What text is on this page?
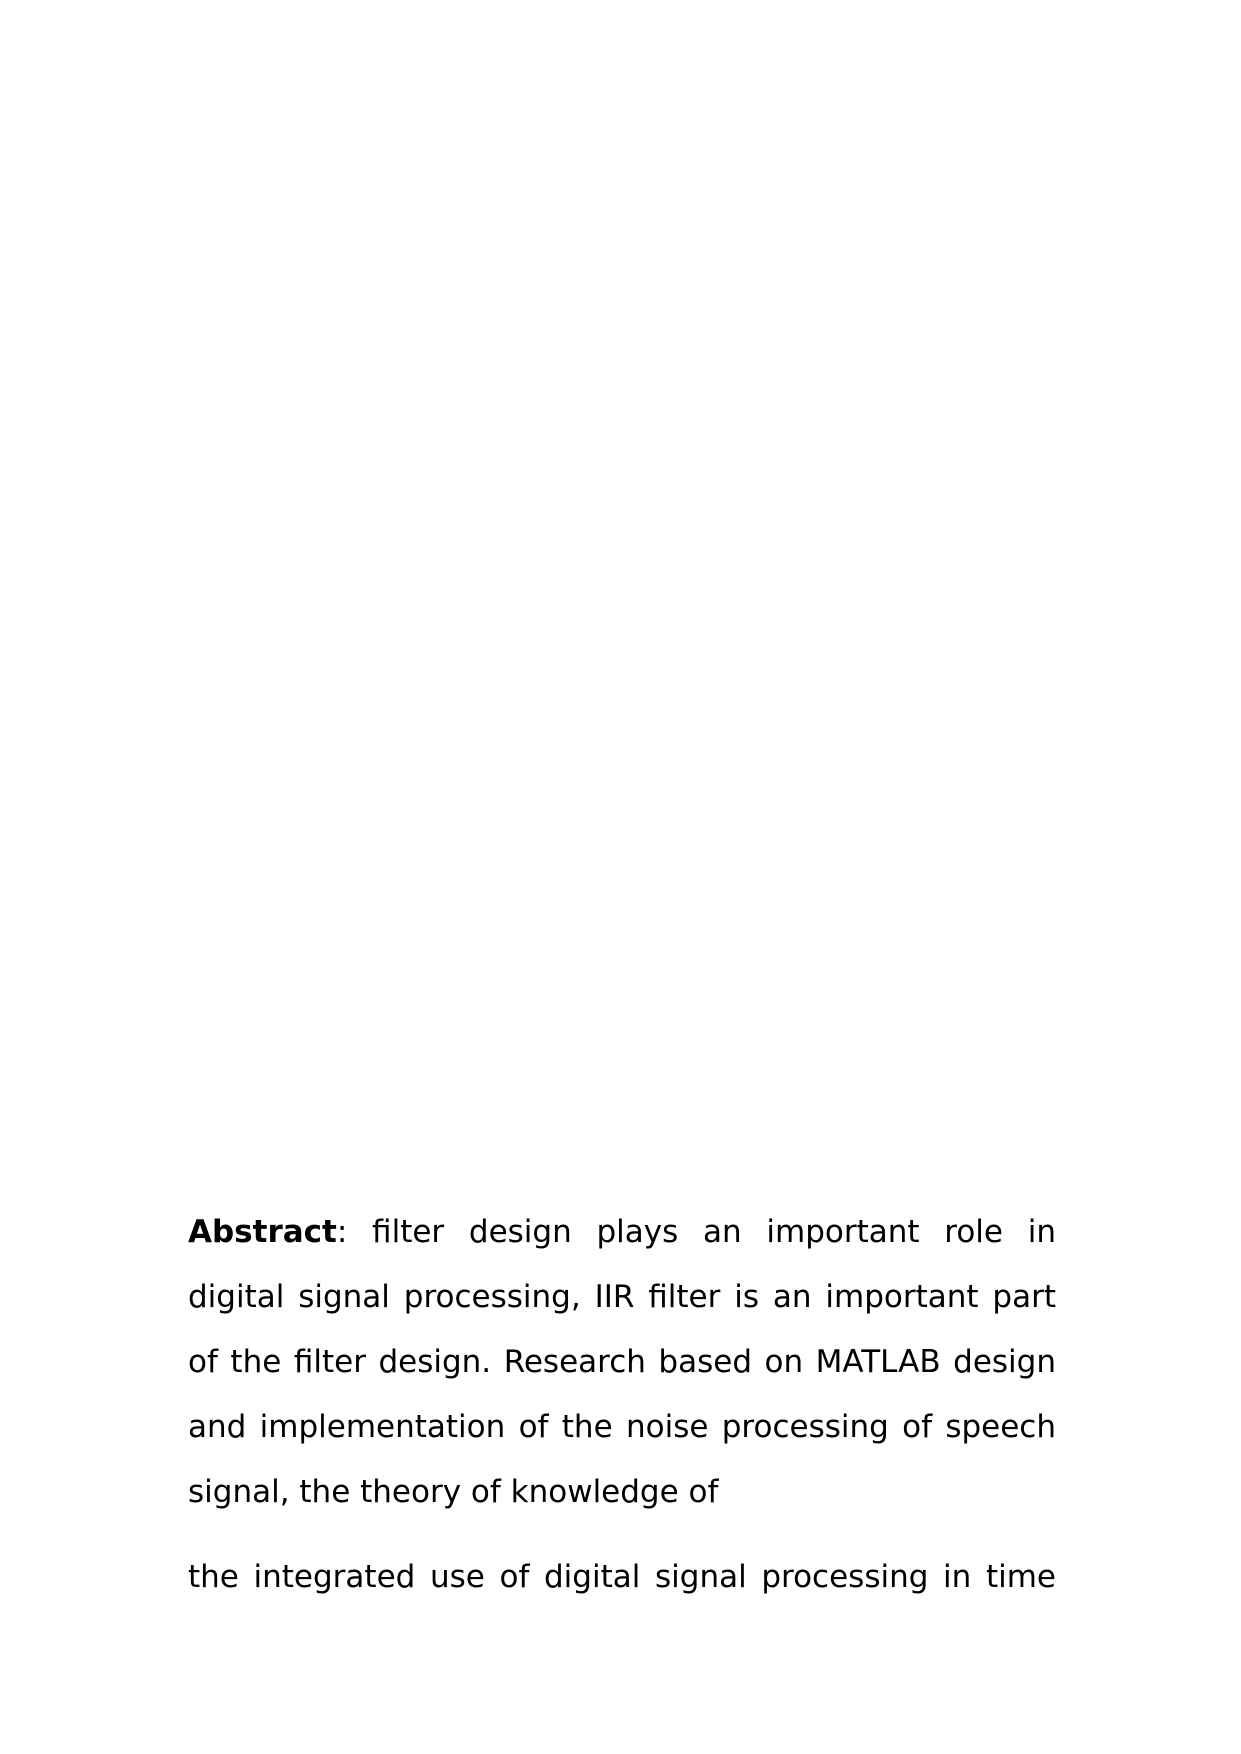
Abstract: filter design plays an important role in digital signal processing, IIR filter is an important part of the filter design. Research based on MATLAB design and implementation of the noise processing of speech signal, the theory of knowledge of

the integrated use of digital signal processing in time
